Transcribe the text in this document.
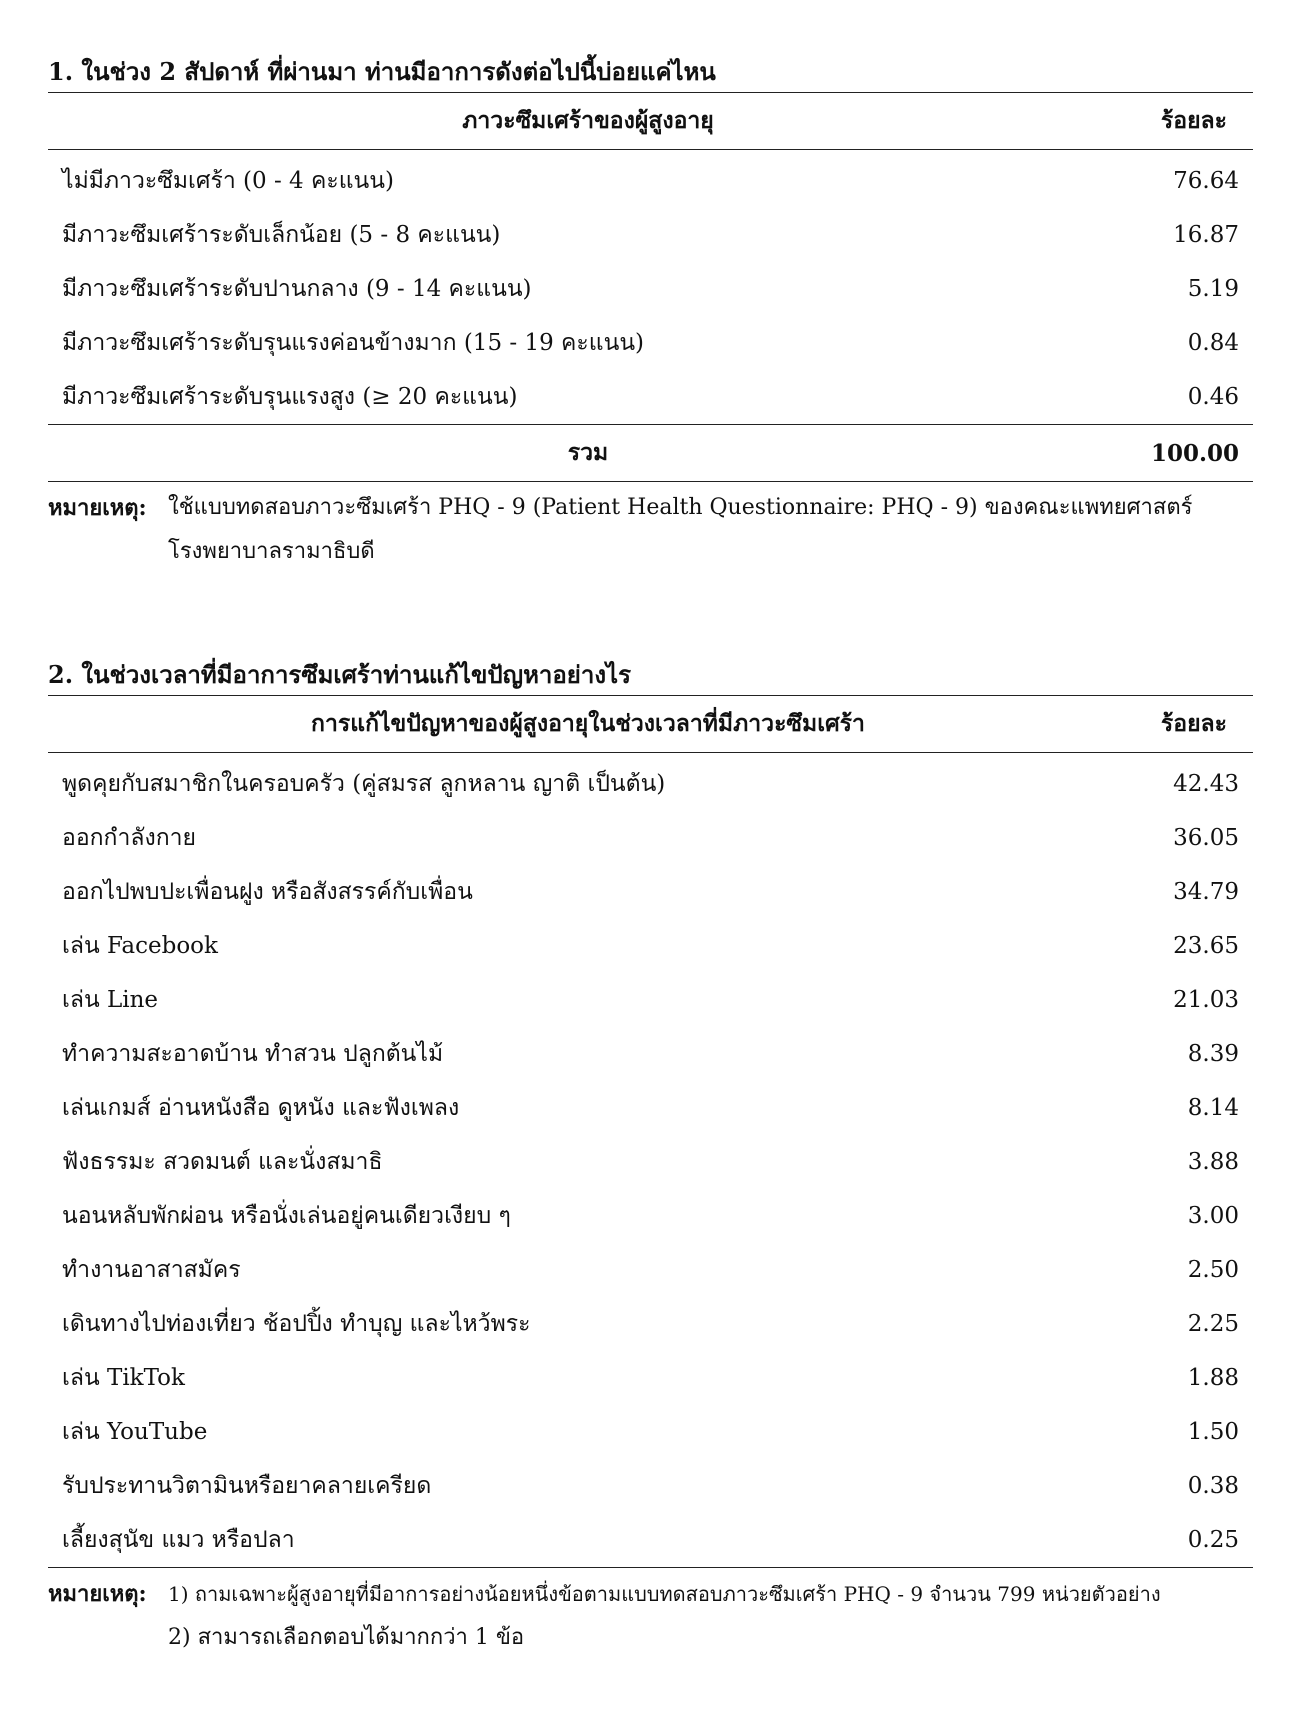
1. ในช่วง 2 สัปดาห์ ที่ผ่านมา ท่านมีอาการดังต่อไปนี้บ่อยแค่ไหน
ภาวะซึมเศร้าของผู้สูงอายุ	ร้อยละ
ไม่มีภาวะซึมเศร้า (0 - 4 คะแนน)	76.64
มีภาวะซึมเศร้าระดับเล็กน้อย (5 - 8 คะแนน)	16.87
มีภาวะซึมเศร้าระดับปานกลาง (9 - 14 คะแนน)	5.19
มีภาวะซึมเศร้าระดับรุนแรงค่อนข้างมาก (15 - 19 คะแนน)	0.84
มีภาวะซึมเศร้าระดับรุนแรงสูง (≥ 20 คะแนน)	0.46
รวม	100.00
หมายเหตุ: ใช้แบบทดสอบภาวะซึมเศร้า PHQ - 9 (Patient Health Questionnaire: PHQ - 9) ของคณะแพทยศาสตร์
โรงพยาบาลรามาธิบดี
2. ในช่วงเวลาที่มีอาการซึมเศร้าท่านแก้ไขปัญหาอย่างไร
การแก้ไขปัญหาของผู้สูงอายุในช่วงเวลาที่มีภาวะซึมเศร้า	ร้อยละ
พูดคุยกับสมาชิกในครอบครัว (คู่สมรส ลูกหลาน ญาติ เป็นต้น)	42.43
ออกกำลังกาย	36.05
ออกไปพบปะเพื่อนฝูง หรือสังสรรค์กับเพื่อน	34.79
เล่น Facebook	23.65
เล่น Line	21.03
ทำความสะอาดบ้าน ทำสวน ปลูกต้นไม้	8.39
เล่นเกมส์ อ่านหนังสือ ดูหนัง และฟังเพลง	8.14
ฟังธรรมะ สวดมนต์ และนั่งสมาธิ	3.88
นอนหลับพักผ่อน หรือนั่งเล่นอยู่คนเดียวเงียบ ๆ	3.00
ทำงานอาสาสมัคร	2.50
เดินทางไปท่องเที่ยว ช้อปปิ้ง ทำบุญ และไหว้พระ	2.25
เล่น TikTok	1.88
เล่น YouTube	1.50
รับประทานวิตามินหรือยาคลายเครียด	0.38
เลี้ยงสุนัข แมว หรือปลา	0.25
หมายเหตุ: 1) ถามเฉพาะผู้สูงอายุที่มีอาการอย่างน้อยหนึ่งข้อตามแบบทดสอบภาวะซึมเศร้า PHQ - 9 จำนวน 799 หน่วยตัวอย่าง
2) สามารถเลือกตอบได้มากกว่า 1 ข้อ
